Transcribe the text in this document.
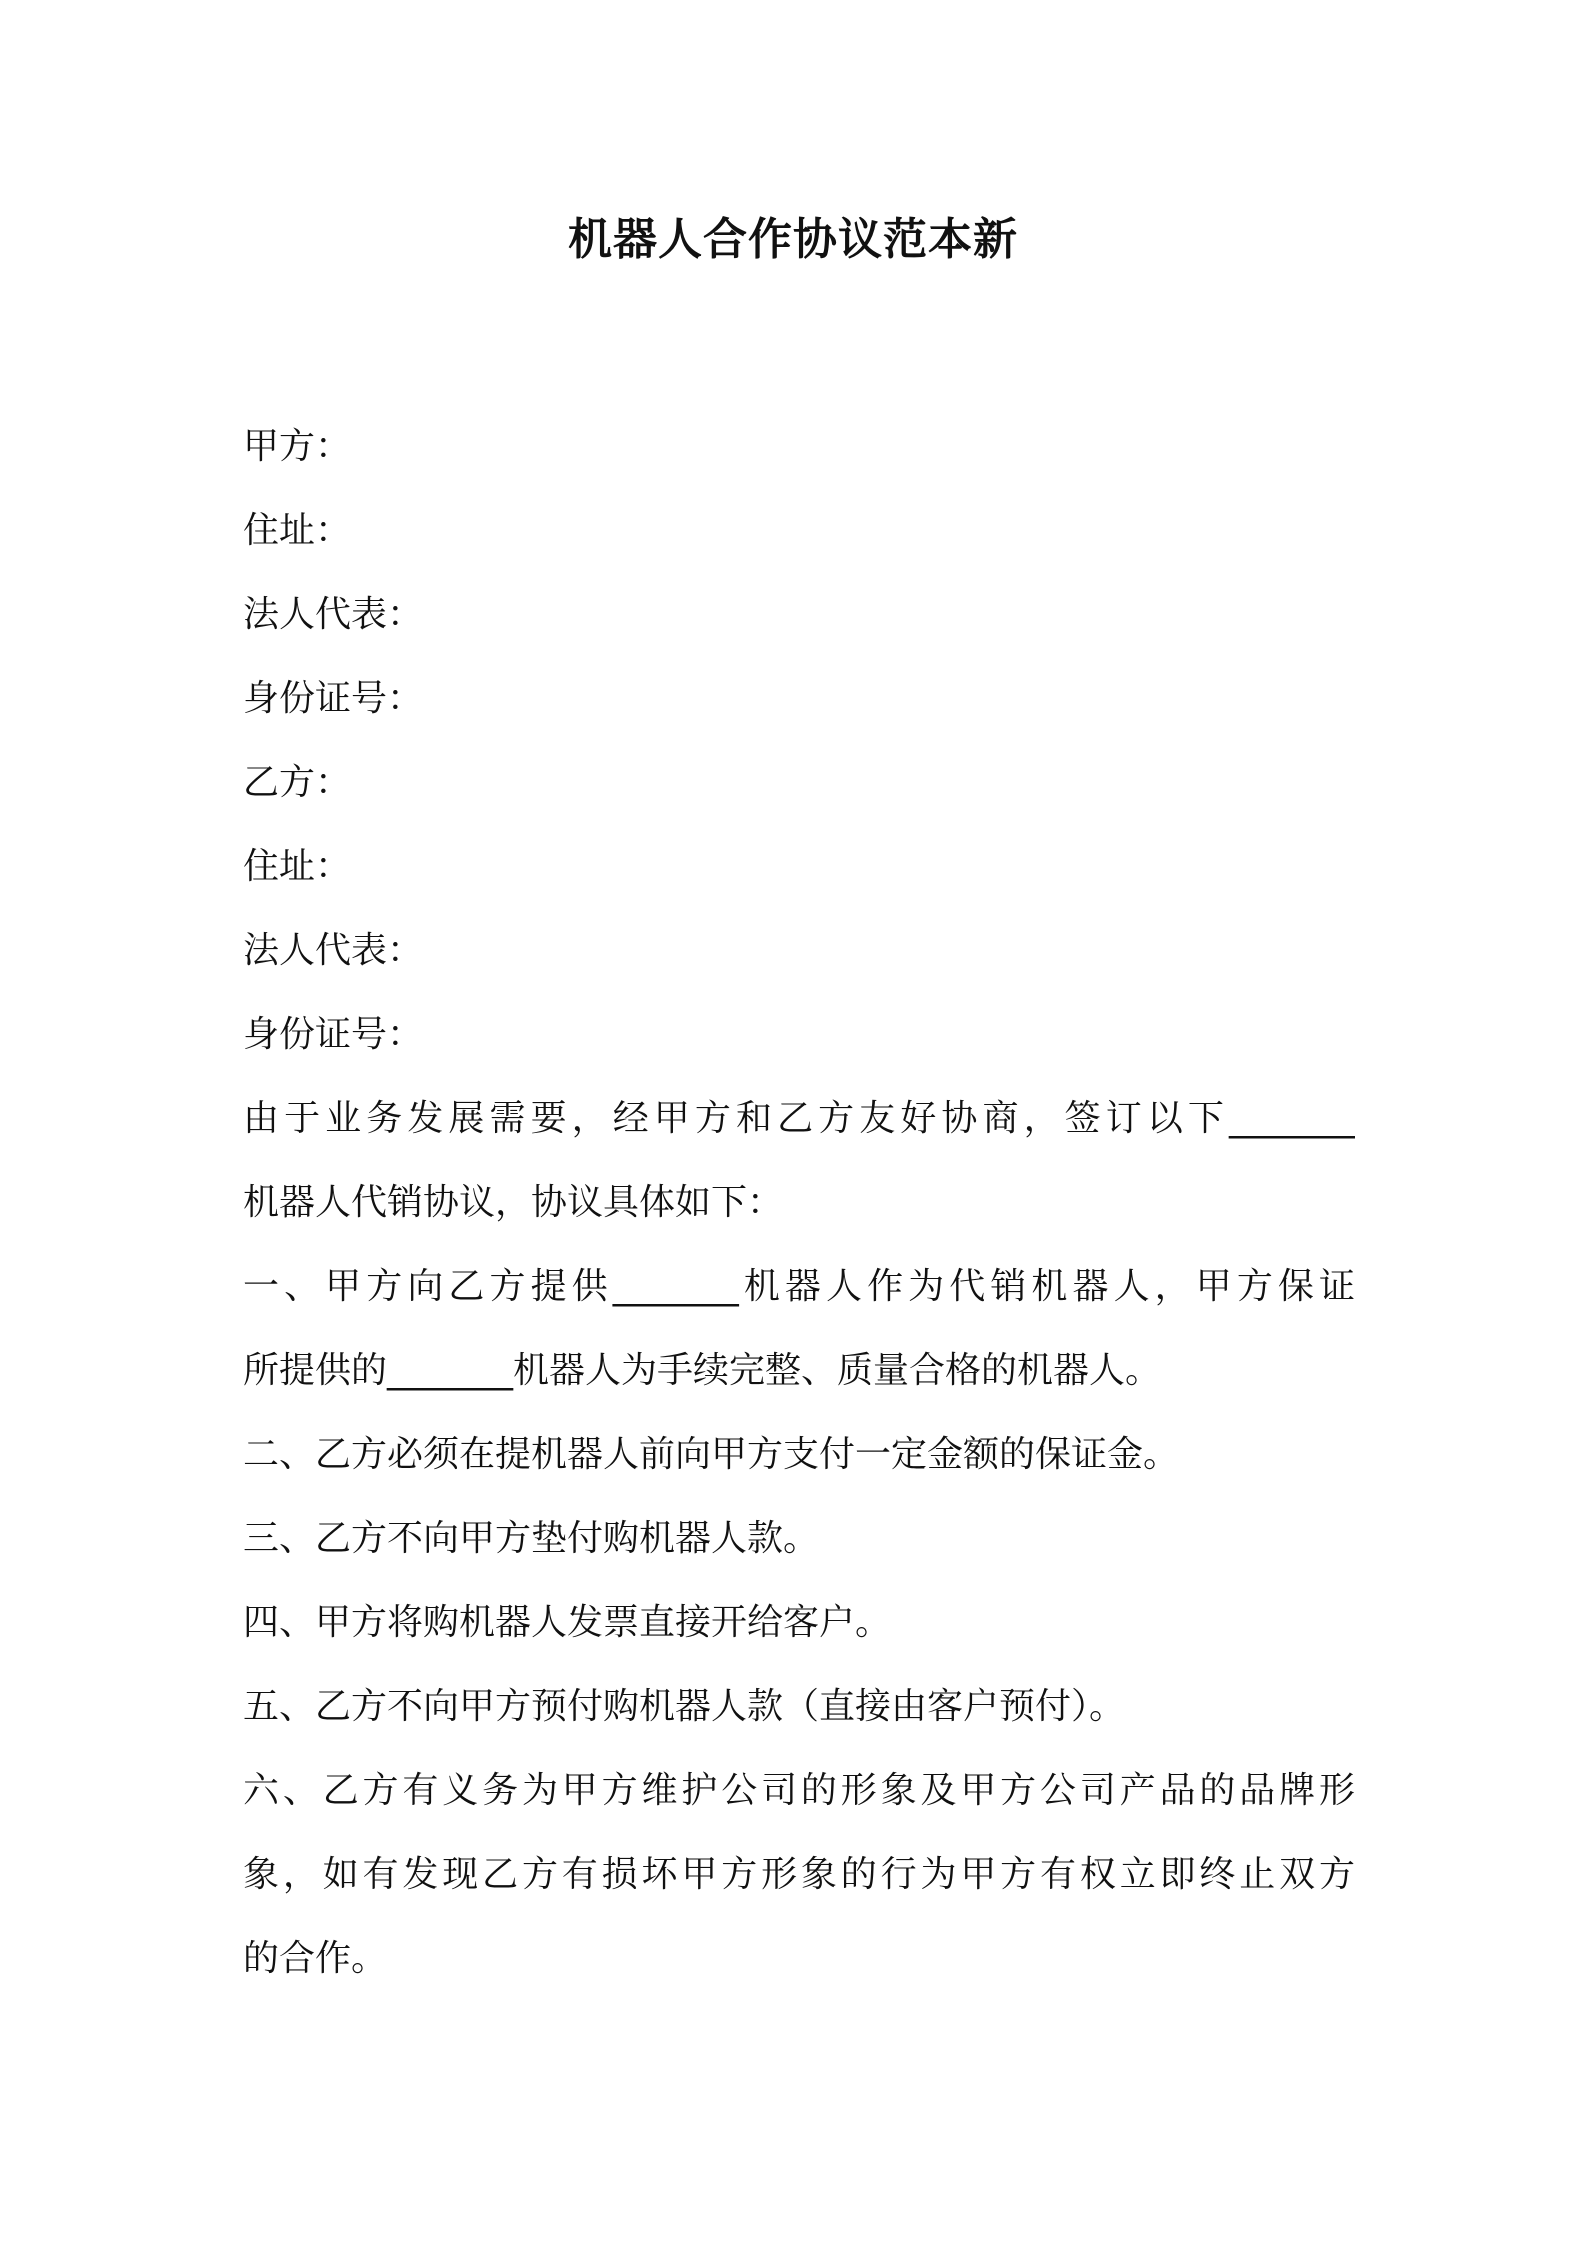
机器人合作协议范本新
甲方：
住址：
法人代表：
身份证号：
乙方：
住址：
法人代表：
身份证号：
由于业务发展需要，经甲方和乙方友好协商，签订以下_______
机器人代销协议，协议具体如下：
一、甲方向乙方提供_______机器人作为代销机器人，甲方保证
所提供的_______机器人为手续完整、质量合格的机器人。
二、乙方必须在提机器人前向甲方支付一定金额的保证金。
三、乙方不向甲方垫付购机器人款。
四、甲方将购机器人发票直接开给客户。
五、乙方不向甲方预付购机器人款（直接由客户预付）。
六、乙方有义务为甲方维护公司的形象及甲方公司产品的品牌形
象，如有发现乙方有损坏甲方形象的行为甲方有权立即终止双方
的合作。
